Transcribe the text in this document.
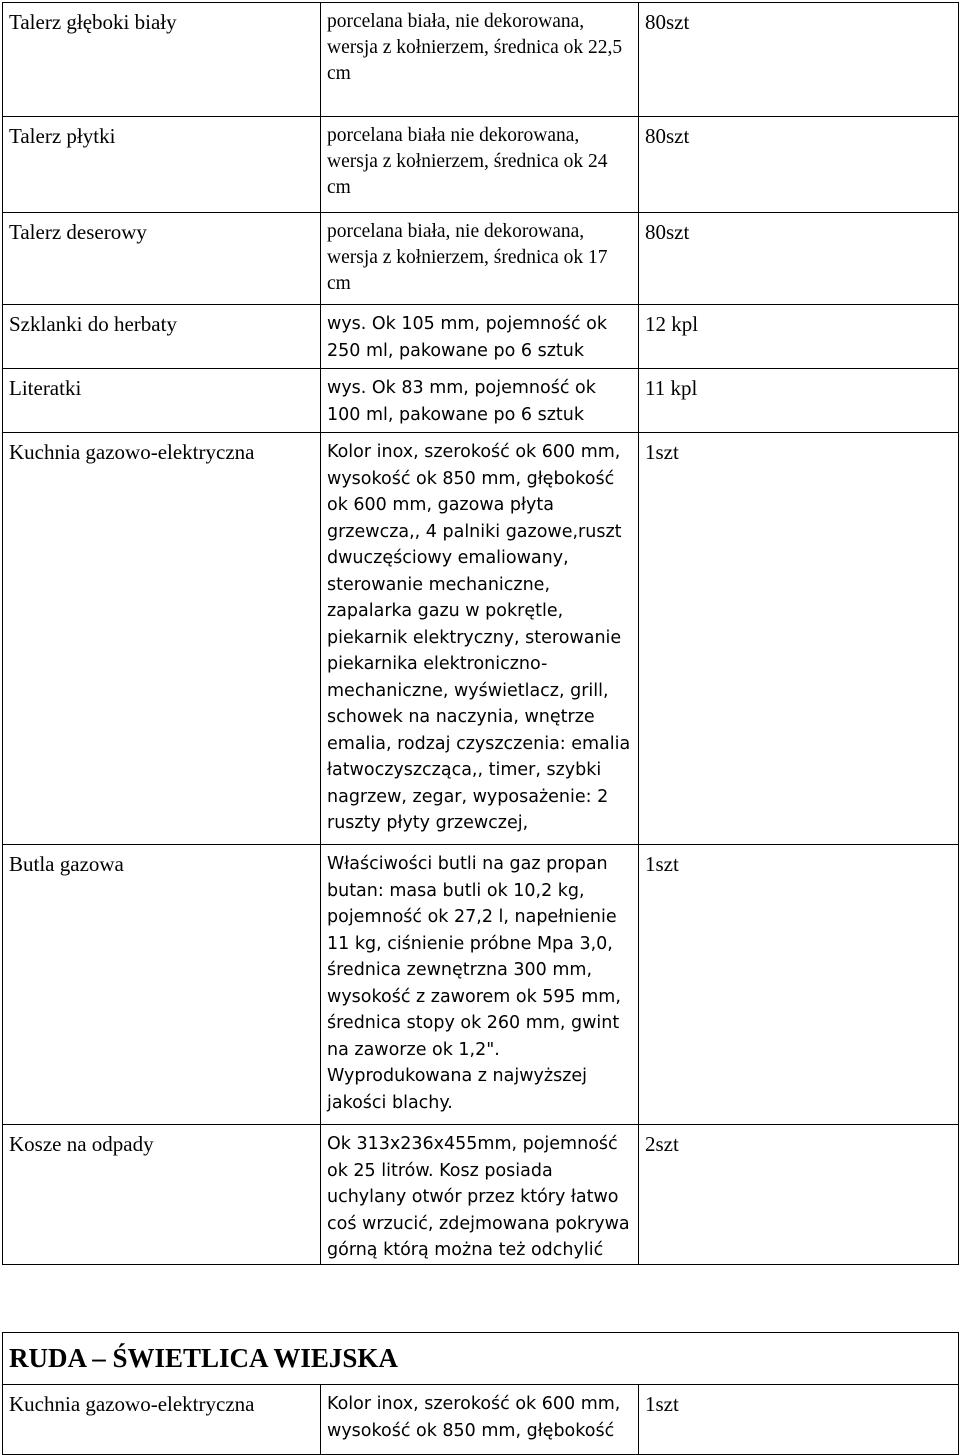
Talerz głęboki biały	porcelana biała, nie dekorowana, wersja z kołnierzem, średnica ok 22,5 cm	80szt
Talerz płytki	porcelana biała nie dekorowana, wersja z kołnierzem, średnica ok 24 cm	80szt
Talerz deserowy	porcelana biała, nie dekorowana, wersja z kołnierzem, średnica ok 17 cm	80szt
Szklanki do herbaty	wys. Ok 105 mm, pojemność ok 250 ml, pakowane po 6 sztuk	12 kpl
Literatki	wys. Ok 83 mm, pojemność ok 100 ml, pakowane po 6 sztuk	11 kpl
Kuchnia gazowo-elektryczna	Kolor inox, szerokość ok 600 mm, wysokość ok 850 mm, głębokość ok 600 mm, gazowa płyta grzewcza,, 4 palniki gazowe,ruszt dwuczęściowy emaliowany, sterowanie mechaniczne, zapalarka gazu w pokrętle, piekarnik elektryczny, sterowanie piekarnika elektroniczno-mechaniczne, wyświetlacz, grill, schowek na naczynia, wnętrze emalia, rodzaj czyszczenia: emalia łatwoczyszcząca,, timer, szybki nagrzew, zegar, wyposażenie: 2 ruszty płyty grzewczej,	1szt
Butla gazowa	Właściwości butli na gaz propan butan: masa butli ok 10,2 kg, pojemność ok 27,2 l, napełnienie 11 kg, ciśnienie próbne Mpa 3,0, średnica zewnętrzna 300 mm, wysokość z zaworem ok 595 mm, średnica stopy ok 260 mm, gwint na zaworze ok 1,2". Wyprodukowana z najwyższej jakości blachy.	1szt
Kosze na odpady	Ok 313x236x455mm, pojemność ok 25 litrów. Kosz posiada uchylany otwór przez który łatwo coś wrzucić, zdejmowana pokrywa górną którą można też odchylić	2szt
RUDA – ŚWIETLICA WIEJSKA
Kuchnia gazowo-elektryczna	Kolor inox, szerokość ok 600 mm, wysokość ok 850 mm, głębokość	1szt
